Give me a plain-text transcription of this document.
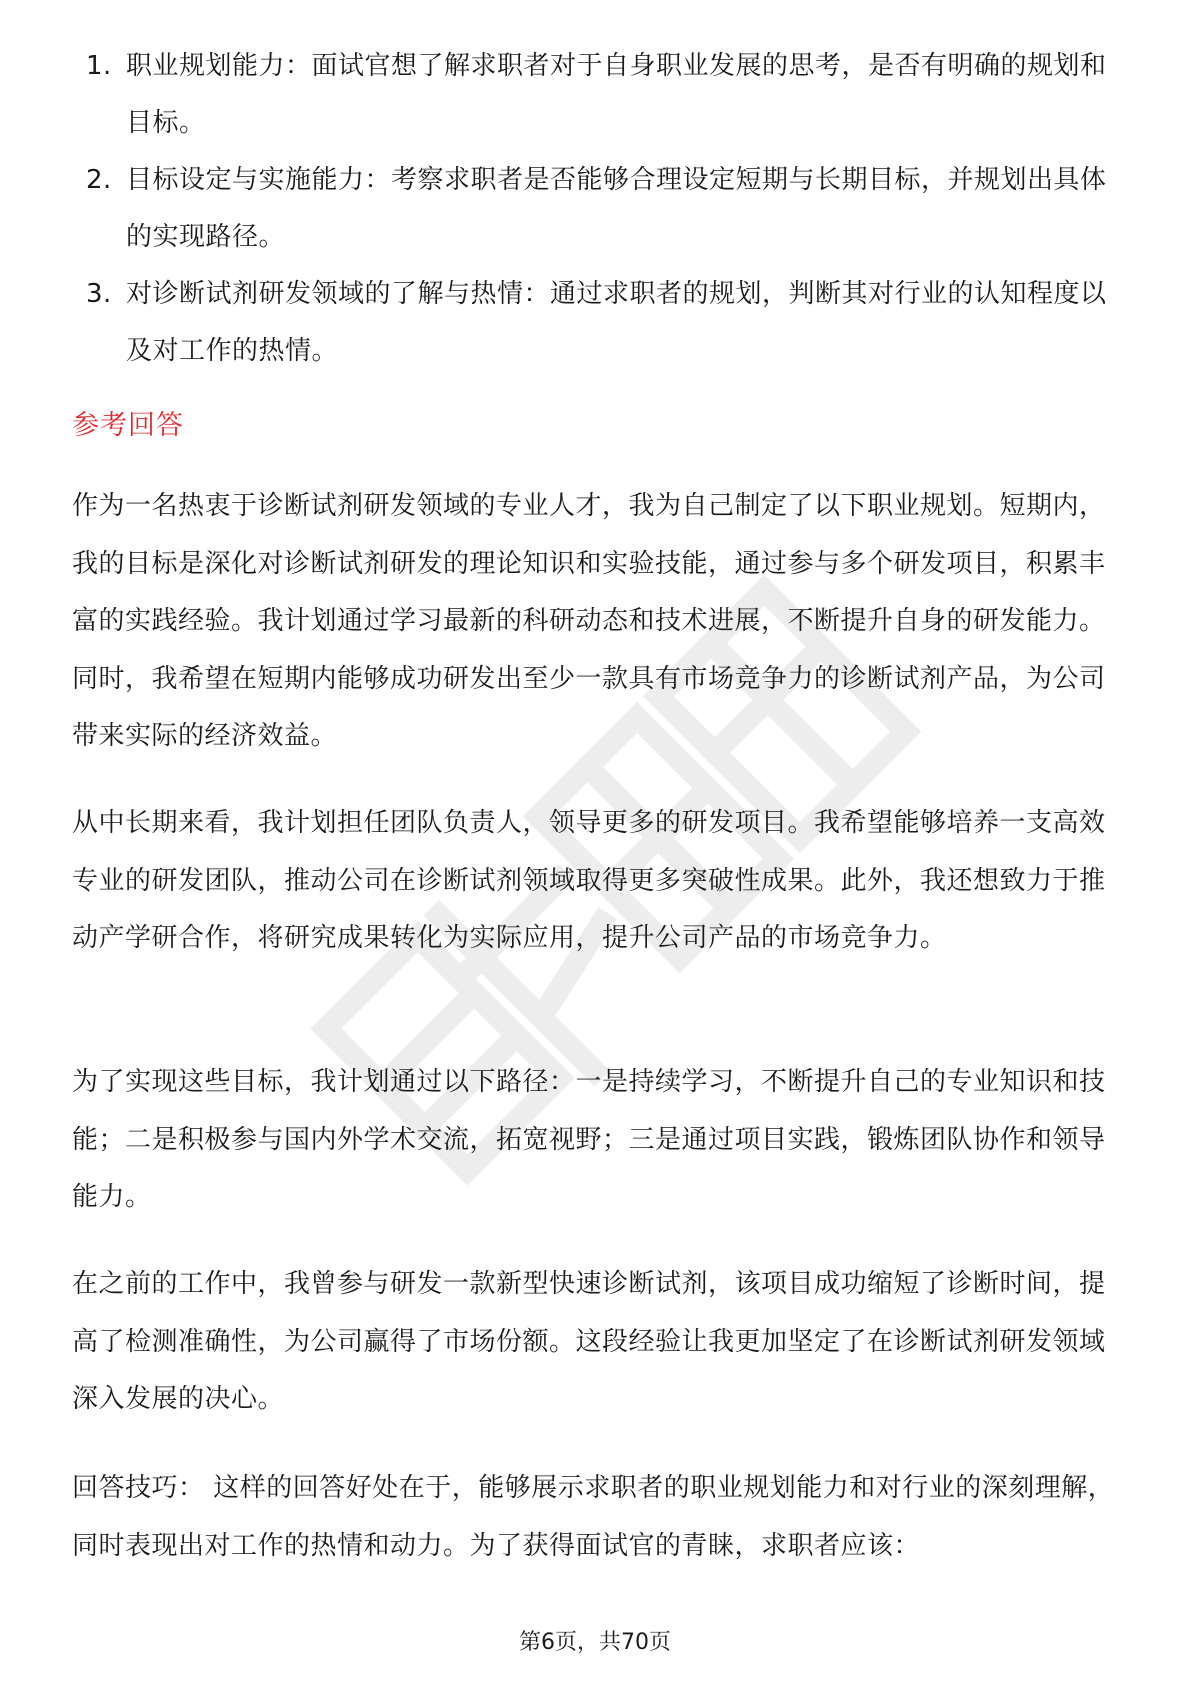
1. 职业规划能力：面试官想了解求职者对于自身职业发展的思考，是否有明确的规划和目标。
2. 目标设定与实施能力：考察求职者是否能够合理设定短期与长期目标，并规划出具体的实现路径。
3. 对诊断试剂研发领域的了解与热情：通过求职者的规划，判断其对行业的认知程度以及对工作的热情。
参考回答

作为一名热衷于诊断试剂研发领域的专业人才，我为自己制定了以下职业规划。短期内，我的目标是深化对诊断试剂研发的理论知识和实验技能，通过参与多个研发项目，积累丰富的实践经验。我计划通过学习最新的科研动态和技术进展，不断提升自身的研发能力。同时，我希望在短期内能够成功研发出至少一款具有市场竞争力的诊断试剂产品，为公司带来实际的经济效益。

从中长期来看，我计划担任团队负责人，领导更多的研发项目。我希望能够培养一支高效专业的研发团队，推动公司在诊断试剂领域取得更多突破性成果。此外，我还想致力于推动产学研合作，将研究成果转化为实际应用，提升公司产品的市场竞争力。

为了实现这些目标，我计划通过以下路径：一是持续学习，不断提升自己的专业知识和技能；二是积极参与国内外学术交流，拓宽视野；三是通过项目实践，锻炼团队协作和领导能力。

在之前的工作中，我曾参与研发一款新型快速诊断试剂，该项目成功缩短了诊断时间，提高了检测准确性，为公司赢得了市场份额。这段经验让我更加坚定了在诊断试剂研发领域深入发展的决心。

回答技巧： 这样的回答好处在于，能够展示求职者的职业规划能力和对行业的深刻理解，同时表现出对工作的热情和动力。为了获得面试官的青睐，求职者应该：

第6页，共70页
